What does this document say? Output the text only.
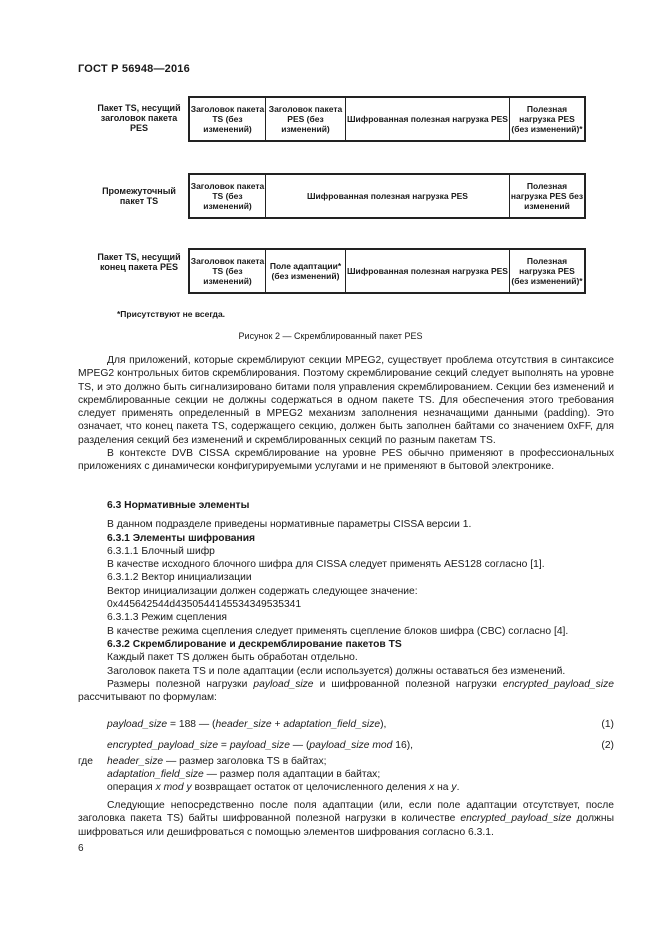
ГОСТ Р 56948—2016
Пакет TS, несущий заголовок пакета PES
Заголовок пакета TS (без изменений)
Заголовок пакета PES (без изменений)
Шифрованная полезная нагрузка PES
Полезная нагрузка PES (без изменений)*
Промежуточный пакет TS
Заголовок пакета TS (без изменений)
Шифрованная полезная нагрузка PES
Полезная нагрузка PES без изменений
Пакет TS, несущий конец пакета PES
Заголовок пакета TS (без изменений)
Поле адаптации* (без изменений) Шифрованная полезная нагрузка PES
Полезная нагрузка PES (без изменений)*
*Присутствуют не всегда.
Рисунок 2 — Скремблированный пакет PES

Для приложений, которые скремблируют секции MPEG2, существует проблема отсутствия в синтаксисе MPEG2 контрольных битов скремблирования. Поэтому скремблирование секций следует выполнять на уровне TS, и это должно быть сигнализировано битами поля управления скремблированием. Секции без изменений и скремблированные секции не должны содержаться в одном пакете TS. Для обеспечения этого требования следует применять определенный в MPEG2 механизм заполнения незначащими данными (padding). Это означает, что конец пакета TS, содержащего секцию, должен быть заполнен байтами со значением 0xFF, для разделения секций без изменений и скремблированных секций по разным пакетам TS.

В контексте DVB CISSA скремблирование на уровне PES обычно применяют в профессиональных приложениях с динамически конфигурируемыми услугами и не применяют в бытовой электронике.

6.3 Нормативные элементы

В данном подразделе приведены нормативные параметры CISSA версии 1.

6.3.1 Элементы шифрования

6.3.1.1 Блочный шифр

В качестве исходного блочного шифра для CISSA следует применять AES128 согласно [1].

6.3.1.2 Вектор инициализации

Вектор инициализации должен содержать следующее значение:

0x445642544d4350544145534349535341

6.3.1.3 Режим сцепления

В качестве режима сцепления следует применять сцепление блоков шифра (CBC) согласно [4].

6.3.2 Скремблирование и дескремблирование пакетов TS

Каждый пакет TS должен быть обработан отдельно.

Заголовок пакета TS и поле адаптации (если используется) должны оставаться без изменений.

Размеры полезной нагрузки payload_size и шифрованной полезной нагрузки encrypted_payload_size рассчитывают по формулам:

payload_size = 188 — (header_size + adaptation_field_size),	(1)
encrypted_payload_size = payload_size — (payload_size mod 16),	(2)
где header_size — размер заголовка TS в байтах;
adaptation_field_size — размер поля адаптации в байтах;
операция x mod y возвращает остаток от целочисленного деления x на y.

Следующие непосредственно после поля адаптации (или, если поле адаптации отсутствует, после заголовка пакета TS) байты шифрованной полезной нагрузки в количестве encrypted_payload_size должны шифроваться или дешифроваться с помощью элементов шифрования согласно 6.3.1.

6
